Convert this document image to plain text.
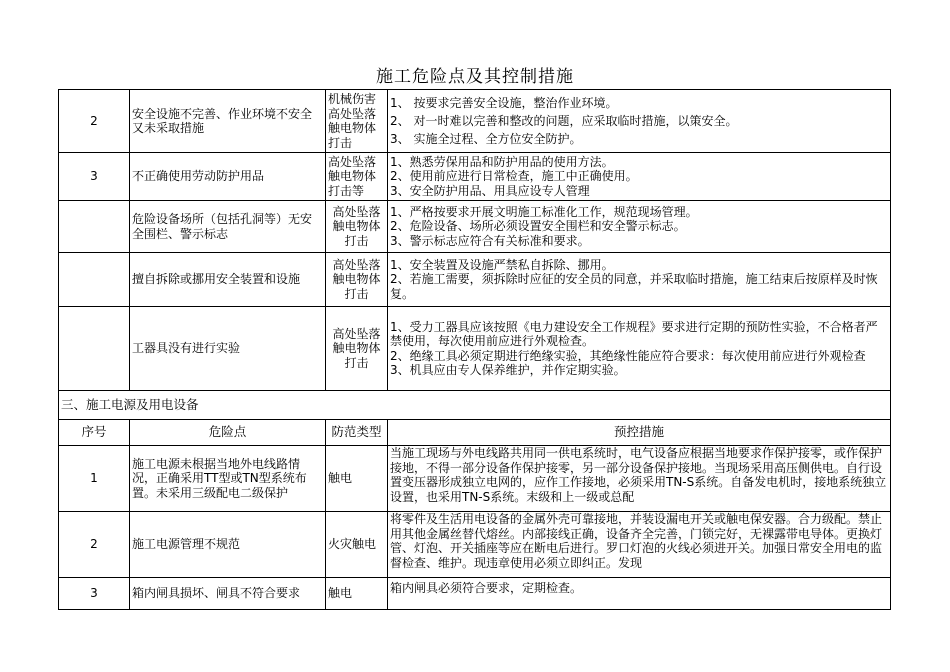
施工危险点及其控制措施
2	安全设施不完善、作业环境不安全又未采取措施	机械伤害高处坠落触电物体打击	1、 按要求完善安全设施，整治作业环境。
2、 对一时难以完善和整改的问题，应采取临时措施，以策安全。
3、 实施全过程、全方位安全防护。

3	不正确使用劳动防护用品	高处坠落触电物体打击等	1、熟悉劳保用品和防护用品的使用方法。
2、使用前应进行日常检查，施工中正确使用。
3、安全防护用品、用具应设专人管理

	危险设备场所（包括孔洞等）无安全围栏、警示标志	高处坠落触电物体打击	1、严格按要求开展文明施工标准化工作，规范现场管理。
2、危险设备、场所必须设置安全围栏和安全警示标志。
3、警示标志应符合有关标准和要求。

	擅自拆除或挪用安全装置和设施	高处坠落触电物体打击	1、安全装置及设施严禁私自拆除、挪用。
2、若施工需要，须拆除时应征的安全员的同意，并采取临时措施，施工结束后按原样及时恢复。

	工器具没有进行实验	高处坠落触电物体打击	1、受力工器具应该按照《电力建设安全工作规程》要求进行定期的预防性实验，不合格者严禁使用，每次使用前应进行外观检查。
2、绝缘工具必须定期进行绝缘实验，其绝缘性能应符合要求：每次使用前应进行外观检查
3、机具应由专人保养维护，并作定期实验。

三、施工电源及用电设备			
序号	危险点	防范类型	预控措施
1	施工电源未根据当地外电线路情况，正确采用TT型或TN型系统布置。未采用三级配电二级保护	触电	当施工现场与外电线路共用同一供电系统时，电气设备应根据当地要求作保护接零，或作保护接地，不得一部分设备作保护接零，另一部分设备保护接地。当现场采用高压侧供电。自行设置变压器形成独立电网的，应作工作接地，必须采用TN-S系统。自备发电机时，接地系统独立设置，也采用TN-S系统。末级和上一级或总配

2	施工电源管理不规范	火灾触电	将零件及生活用电设备的金属外壳可靠接地，并装设漏电开关或触电保安器。合力级配。禁止用其他金属丝替代熔丝。内部接线正确，设备齐全完善，门锁完好，无裸露带电导体。更换灯管、灯泡、开关插座等应在断电后进行。罗口灯泡的火线必须进开关。加强日常安全用电的监督检查、维护。现违章使用必须立即纠正。发现

3	箱内闸具损坏、闸具不符合要求	触电	箱内闸具必须符合要求，定期检查。
